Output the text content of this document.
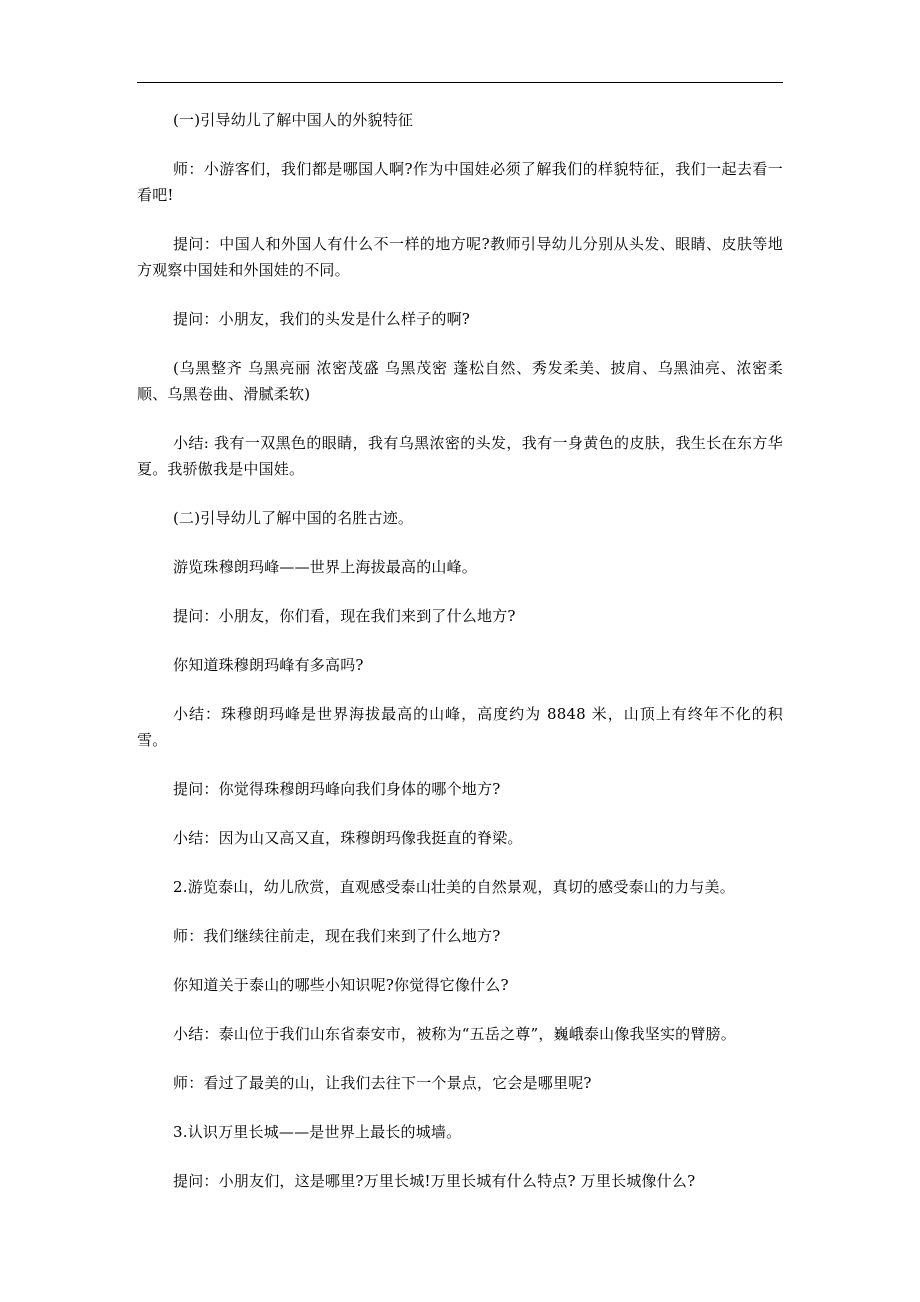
(一)引导幼儿了解中国人的外貌特征

师：小游客们，我们都是哪国人啊?作为中国娃必须了解我们的样貌特征，我们一起去看一看吧!

提问：中国人和外国人有什么不一样的地方呢?教师引导幼儿分别从头发、眼睛、皮肤等地方观察中国娃和外国娃的不同。

提问：小朋友，我们的头发是什么样子的啊?

(乌黑整齐 乌黑亮丽 浓密茂盛 乌黑茂密 蓬松自然、秀发柔美、披肩、乌黑油亮、浓密柔顺、乌黑卷曲、滑腻柔软)

小结: 我有一双黑色的眼睛，我有乌黑浓密的头发，我有一身黄色的皮肤，我生长在东方华夏。我骄傲我是中国娃。

(二)引导幼儿了解中国的名胜古迹。

游览珠穆朗玛峰——世界上海拔最高的山峰。

提问：小朋友，你们看，现在我们来到了什么地方?

你知道珠穆朗玛峰有多高吗?

小结：珠穆朗玛峰是世界海拔最高的山峰，高度约为 8848 米，山顶上有终年不化的积雪。

提问：你觉得珠穆朗玛峰向我们身体的哪个地方?

小结：因为山又高又直，珠穆朗玛像我挺直的脊梁。

2.游览泰山，幼儿欣赏，直观感受泰山壮美的自然景观，真切的感受泰山的力与美。

师：我们继续往前走，现在我们来到了什么地方?

你知道关于泰山的哪些小知识呢?你觉得它像什么?

小结：泰山位于我们山东省泰安市，被称为“五岳之尊”，巍峨泰山像我坚实的臂膀。

师：看过了最美的山，让我们去往下一个景点，它会是哪里呢?

3.认识万里长城——是世界上最长的城墙。

提问：小朋友们，这是哪里?万里长城!万里长城有什么特点? 万里长城像什么?
